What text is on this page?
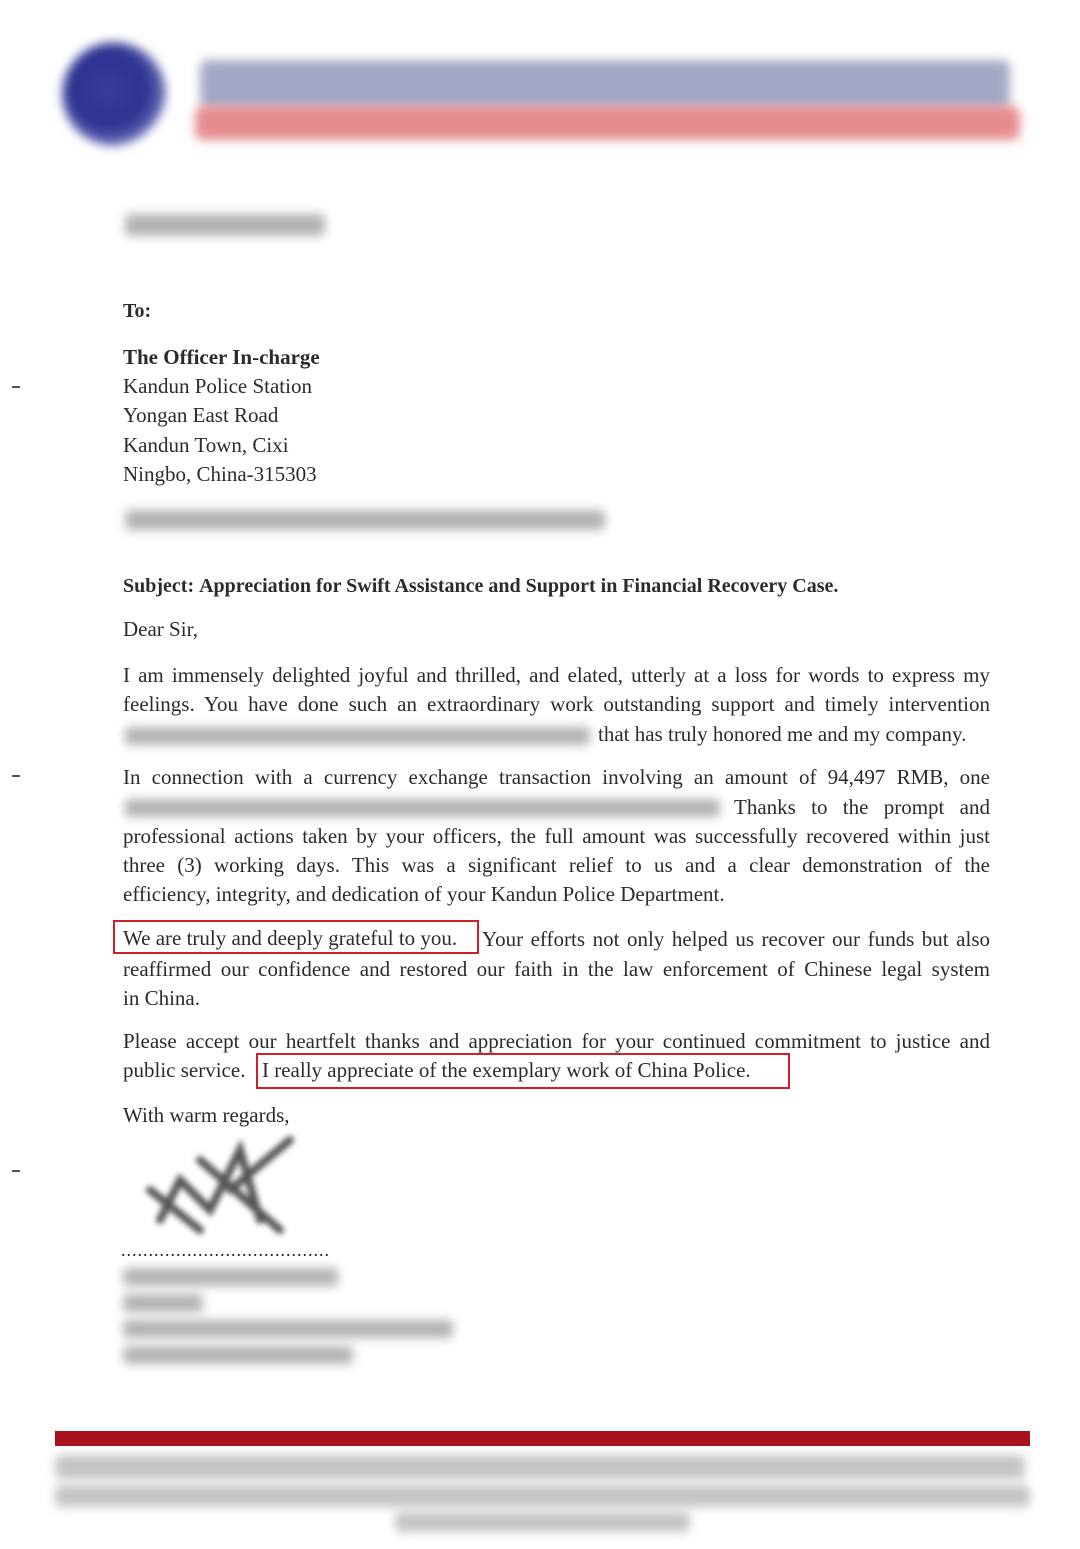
To:
The Officer In-charge
Kandun Police Station
Yongan East Road
Kandun Town, Cixi
Ningbo, China-315303
Subject: Appreciation for Swift Assistance and Support in Financial Recovery Case.
Dear Sir,
I am immensely delighted joyful and thrilled, and elated, utterly at a loss for words to express my
feelings. You have done such an extraordinary work outstanding support and timely intervention
that has truly honored me and my company.
In connection with a currency exchange transaction involving an amount of 94,497 RMB, one
Thanks to the prompt and
professional actions taken by your officers, the full amount was successfully recovered within just
three (3) working days. This was a significant relief to us and a clear demonstration of the
efficiency, integrity, and dedication of your Kandun Police Department.
We are truly and deeply grateful to you. Your efforts not only helped us recover our funds but also
reaffirmed our confidence and restored our faith in the law enforcement of Chinese legal system
in China.
Please accept our heartfelt thanks and appreciation for your continued commitment to justice and
public service. I really appreciate of the exemplary work of China Police.
With warm regards,
......................................
